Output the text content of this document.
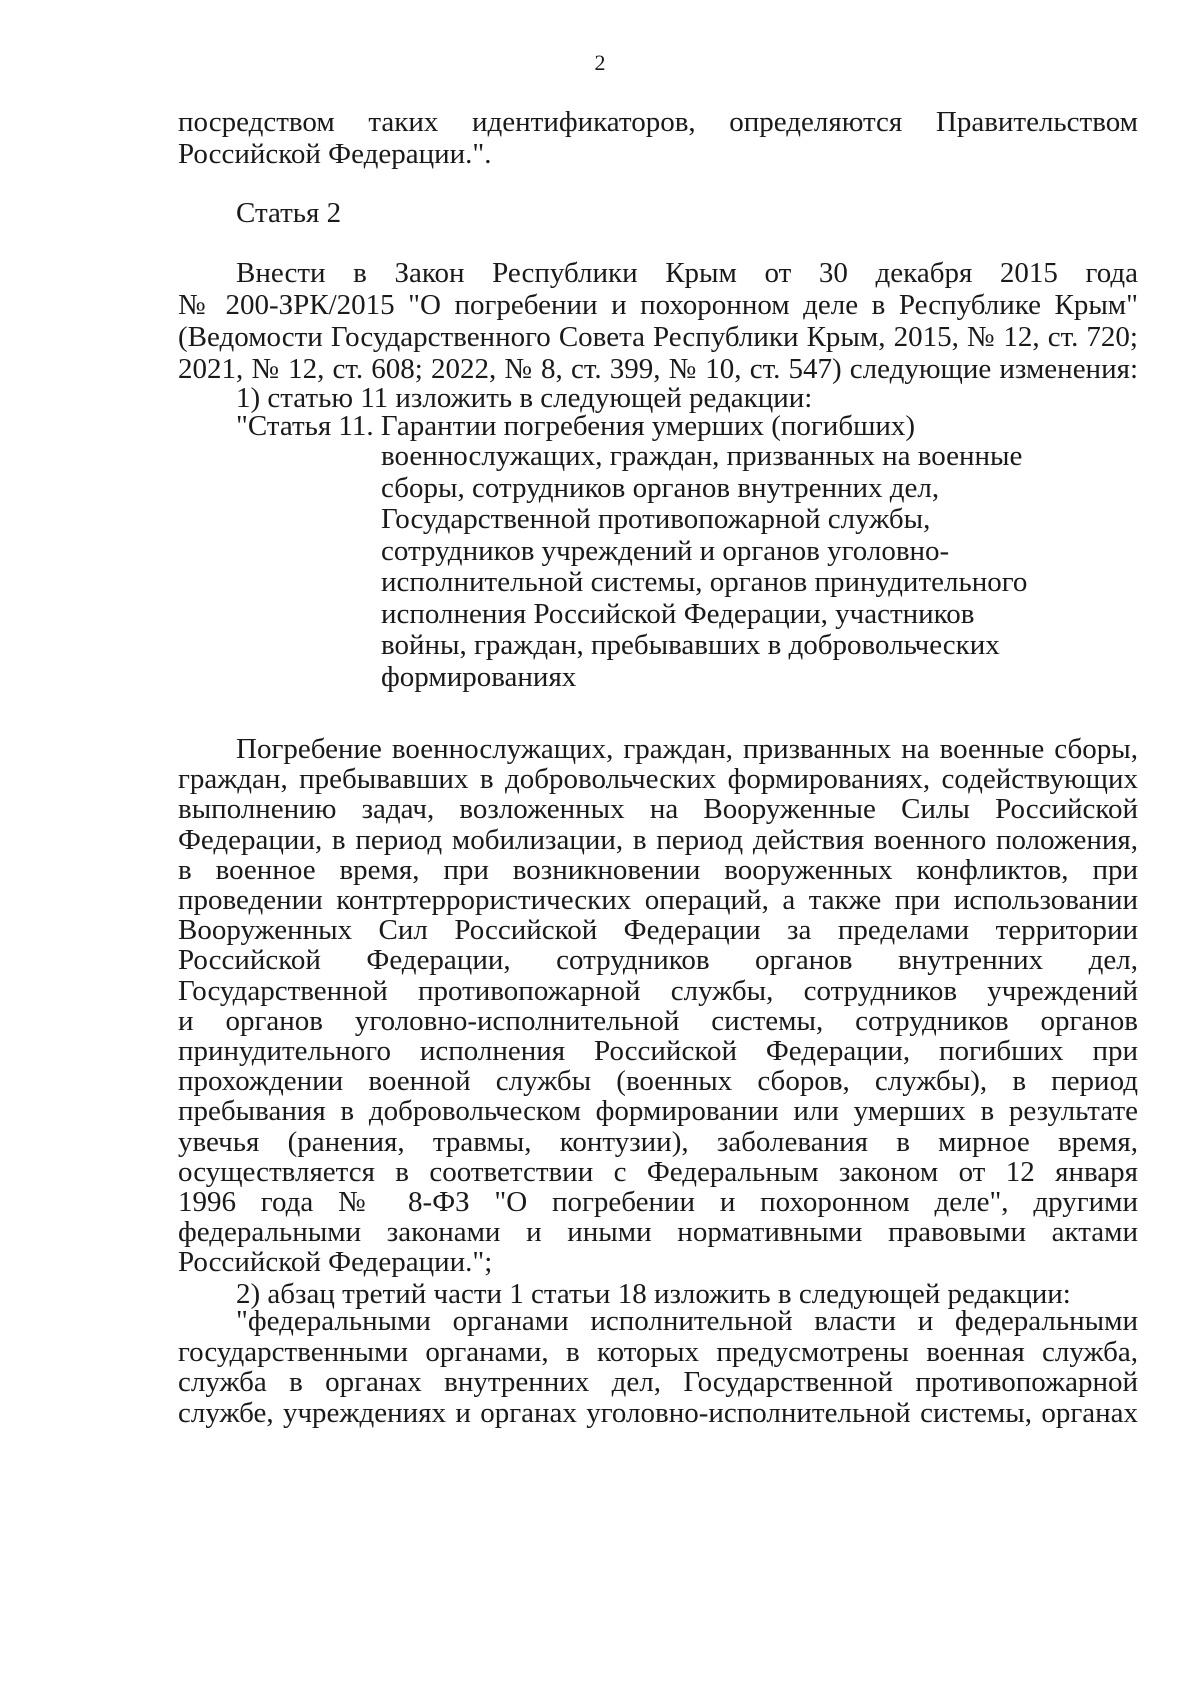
2
посредством таких идентификаторов, определяются Правительством
Российской Федерации.".
Статья 2
Внести в Закон Республики Крым от 30 декабря 2015 года
№ 200-ЗРК/2015 "О погребении и похоронном деле в Республике Крым"
(Ведомости Государственного Совета Республики Крым, 2015, № 12, ст. 720;
2021, № 12, ст. 608; 2022, № 8, ст. 399, № 10, ст. 547) следующие изменения:
1) статью 11 изложить в следующей редакции:
"Статья 11. Гарантии погребения умерших (погибших)
военнослужащих, граждан, призванных на военные
сборы, сотрудников органов внутренних дел,
Государственной противопожарной службы,
сотрудников учреждений и органов уголовно-
исполнительной системы, органов принудительного
исполнения Российской Федерации, участников
войны, граждан, пребывавших в добровольческих
формированиях
Погребение военнослужащих, граждан, призванных на военные сборы,
граждан, пребывавших в добровольческих формированиях, содействующих
выполнению задач, возложенных на Вооруженные Силы Российской
Федерации, в период мобилизации, в период действия военного положения,
в военное время, при возникновении вооруженных конфликтов, при
проведении контртеррористических операций, а также при использовании
Вооруженных Сил Российской Федерации за пределами территории
Российской Федерации, сотрудников органов внутренних дел,
Государственной противопожарной службы, сотрудников учреждений
и органов уголовно-исполнительной системы, сотрудников органов
принудительного исполнения Российской Федерации, погибших при
прохождении военной службы (военных сборов, службы), в период
пребывания в добровольческом формировании или умерших в результате
увечья (ранения, травмы, контузии), заболевания в мирное время,
осуществляется в соответствии с Федеральным законом от 12 января
1996 года № 8-ФЗ "О погребении и похоронном деле", другими
федеральными законами и иными нормативными правовыми актами
Российской Федерации.";
2) абзац третий части 1 статьи 18 изложить в следующей редакции:
"федеральными органами исполнительной власти и федеральными
государственными органами, в которых предусмотрены военная служба,
служба в органах внутренних дел, Государственной противопожарной
службе, учреждениях и органах уголовно-исполнительной системы, органах
